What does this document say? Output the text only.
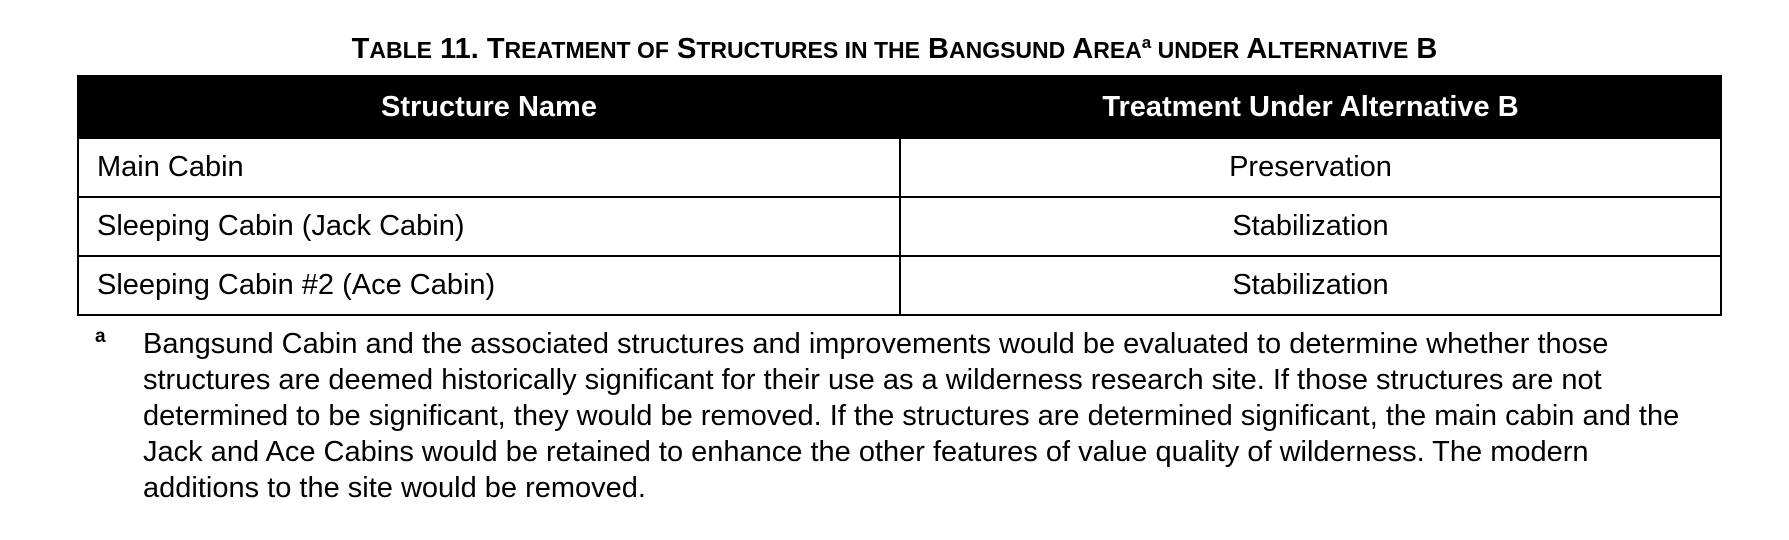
TABLE 11. TREATMENT OF STRUCTURES IN THE BANGSUND AREA$^a$ UNDER ALTERNATIVE B
Structure Name	Treatment Under Alternative B
Main Cabin	Preservation
Sleeping Cabin (Jack Cabin)	Stabilization
Sleeping Cabin #2 (Ace Cabin)	Stabilization
a Bangsund Cabin and the associated structures and improvements would be evaluated to determine whether those structures are deemed historically significant for their use as a wilderness research site. If those structures are not determined to be significant, they would be removed. If the structures are determined significant, the main cabin and the Jack and Ace Cabins would be retained to enhance the other features of value quality of wilderness. The modern additions to the site would be removed.
